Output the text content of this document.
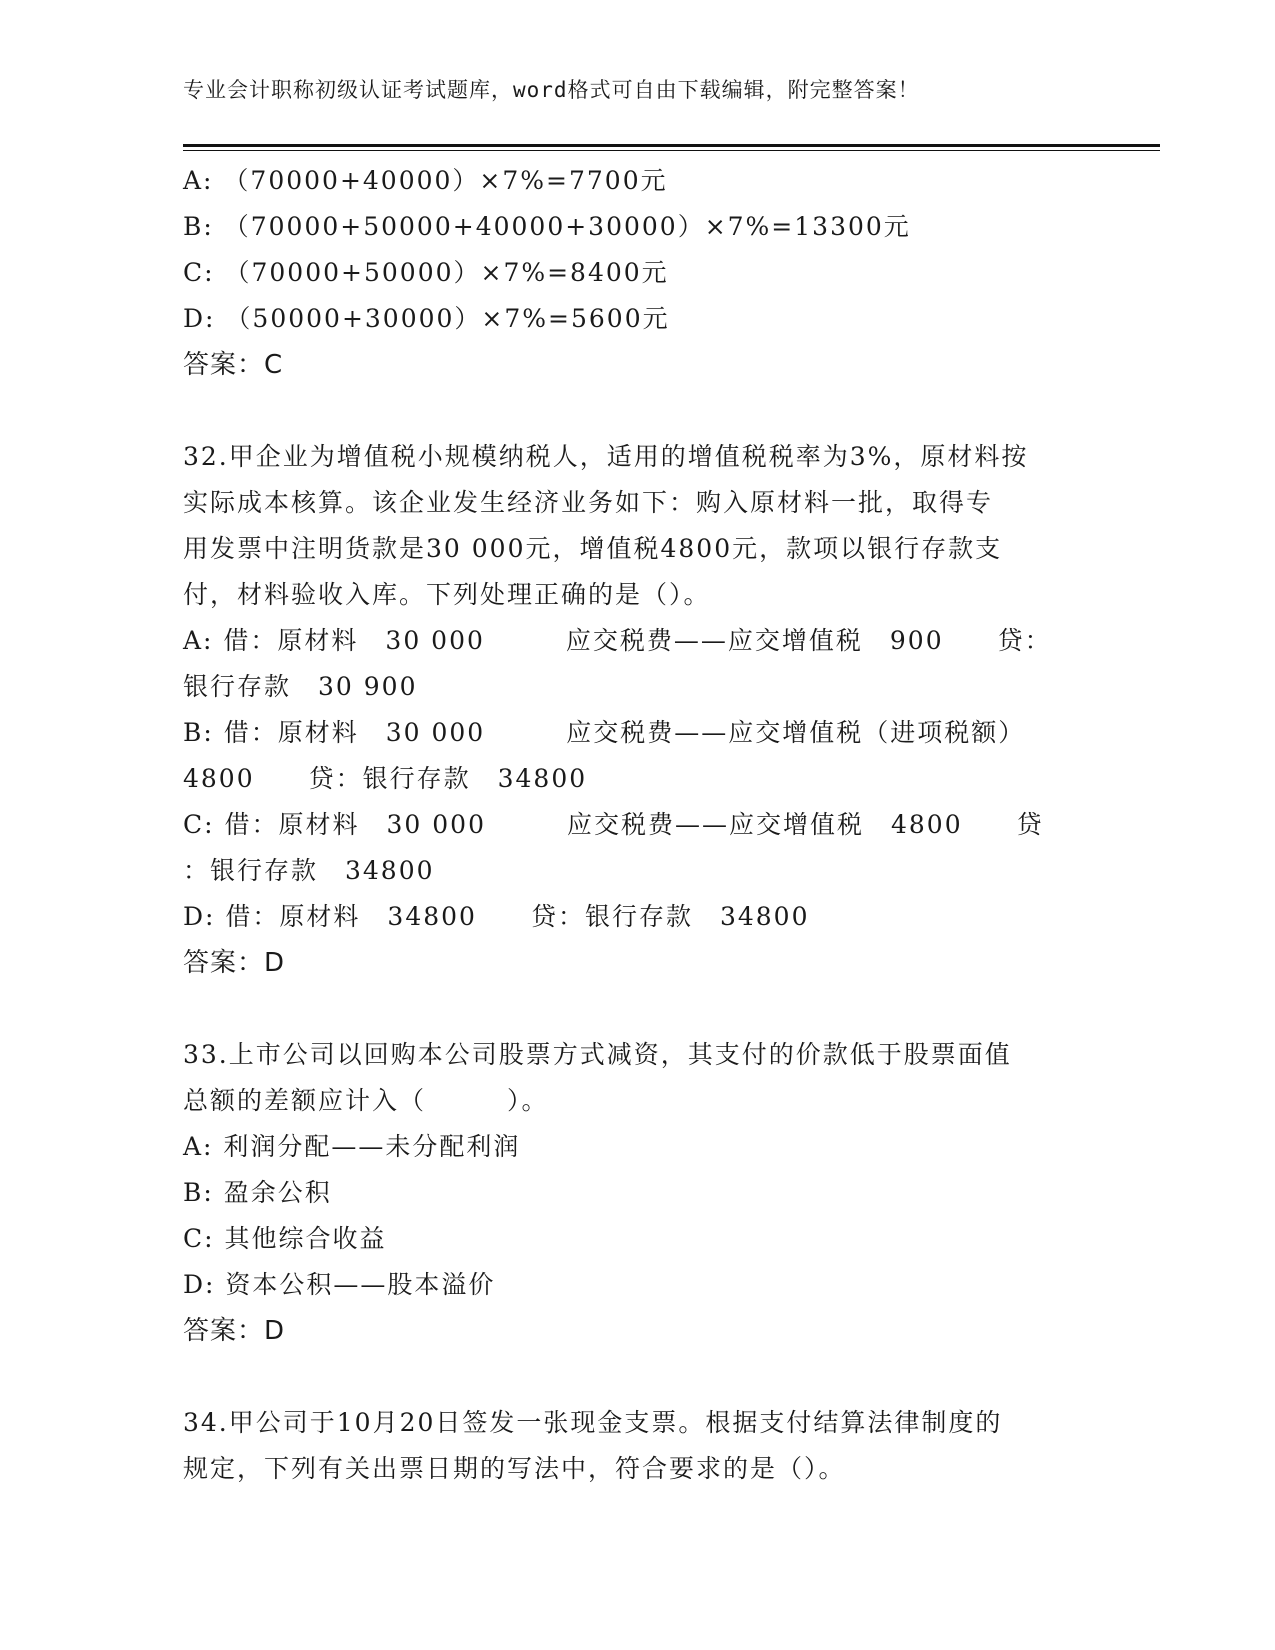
专业会计职称初级认证考试题库，word格式可自由下载编辑，附完整答案！
A: （70000+40000）×7%=7700元
B: （70000+50000+40000+30000）×7%=13300元
C: （70000+50000）×7%=8400元
D: （50000+30000）×7%=5600元
答案：C
32.甲企业为增值税小规模纳税人，适用的增值税税率为3%，原材料按
实际成本核算。该企业发生经济业务如下：购入原材料一批，取得专
用发票中注明货款是30 000元，增值税4800元，款项以银行存款支
付，材料验收入库。下列处理正确的是（）。
A: 借：原材料　30 000　　　应交税费——应交增值税　900　　贷：
银行存款　30 900
B: 借：原材料　30 000　　　应交税费——应交增值税（进项税额）
4800　　贷：银行存款　34800
C: 借：原材料　30 000　　　应交税费——应交增值税　4800　　贷
：银行存款　34800
D: 借：原材料　34800　　贷：银行存款　34800
答案：D
33.上市公司以回购本公司股票方式减资，其支付的价款低于股票面值
总额的差额应计入（　　　）。
A: 利润分配——未分配利润
B: 盈余公积
C: 其他综合收益
D: 资本公积——股本溢价
答案：D
34.甲公司于10月20日签发一张现金支票。根据支付结算法律制度的
规定，下列有关出票日期的写法中，符合要求的是（）。
